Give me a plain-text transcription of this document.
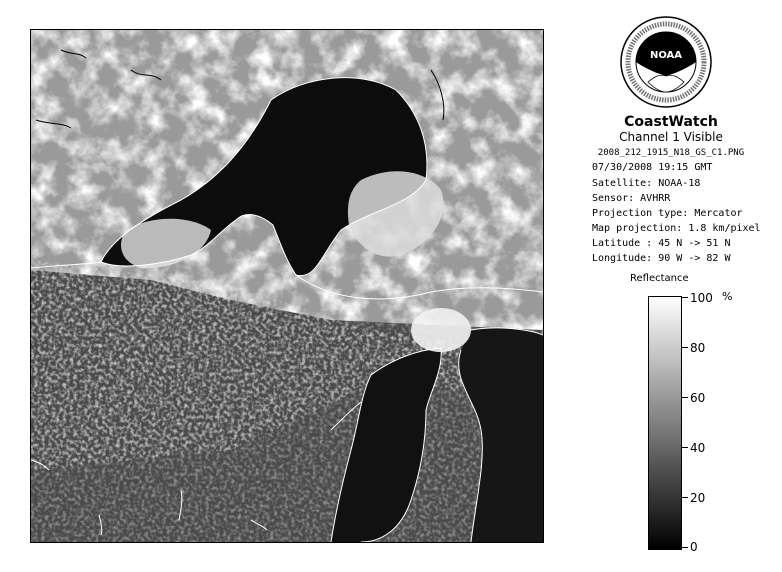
NOAA
CoastWatch
Channel 1 Visible
2008_212_1915_N18_GS_C1.PNG
07/30/2008 19:15 GMT
Satellite: NOAA-18
Sensor: AVHRR
Projection type: Mercator
Map projection: 1.8 km/pixel
Latitude : 45 N -> 51 N
Longitude: 90 W -> 82 W
Reflectance
%
100
80
60
40
20
0
